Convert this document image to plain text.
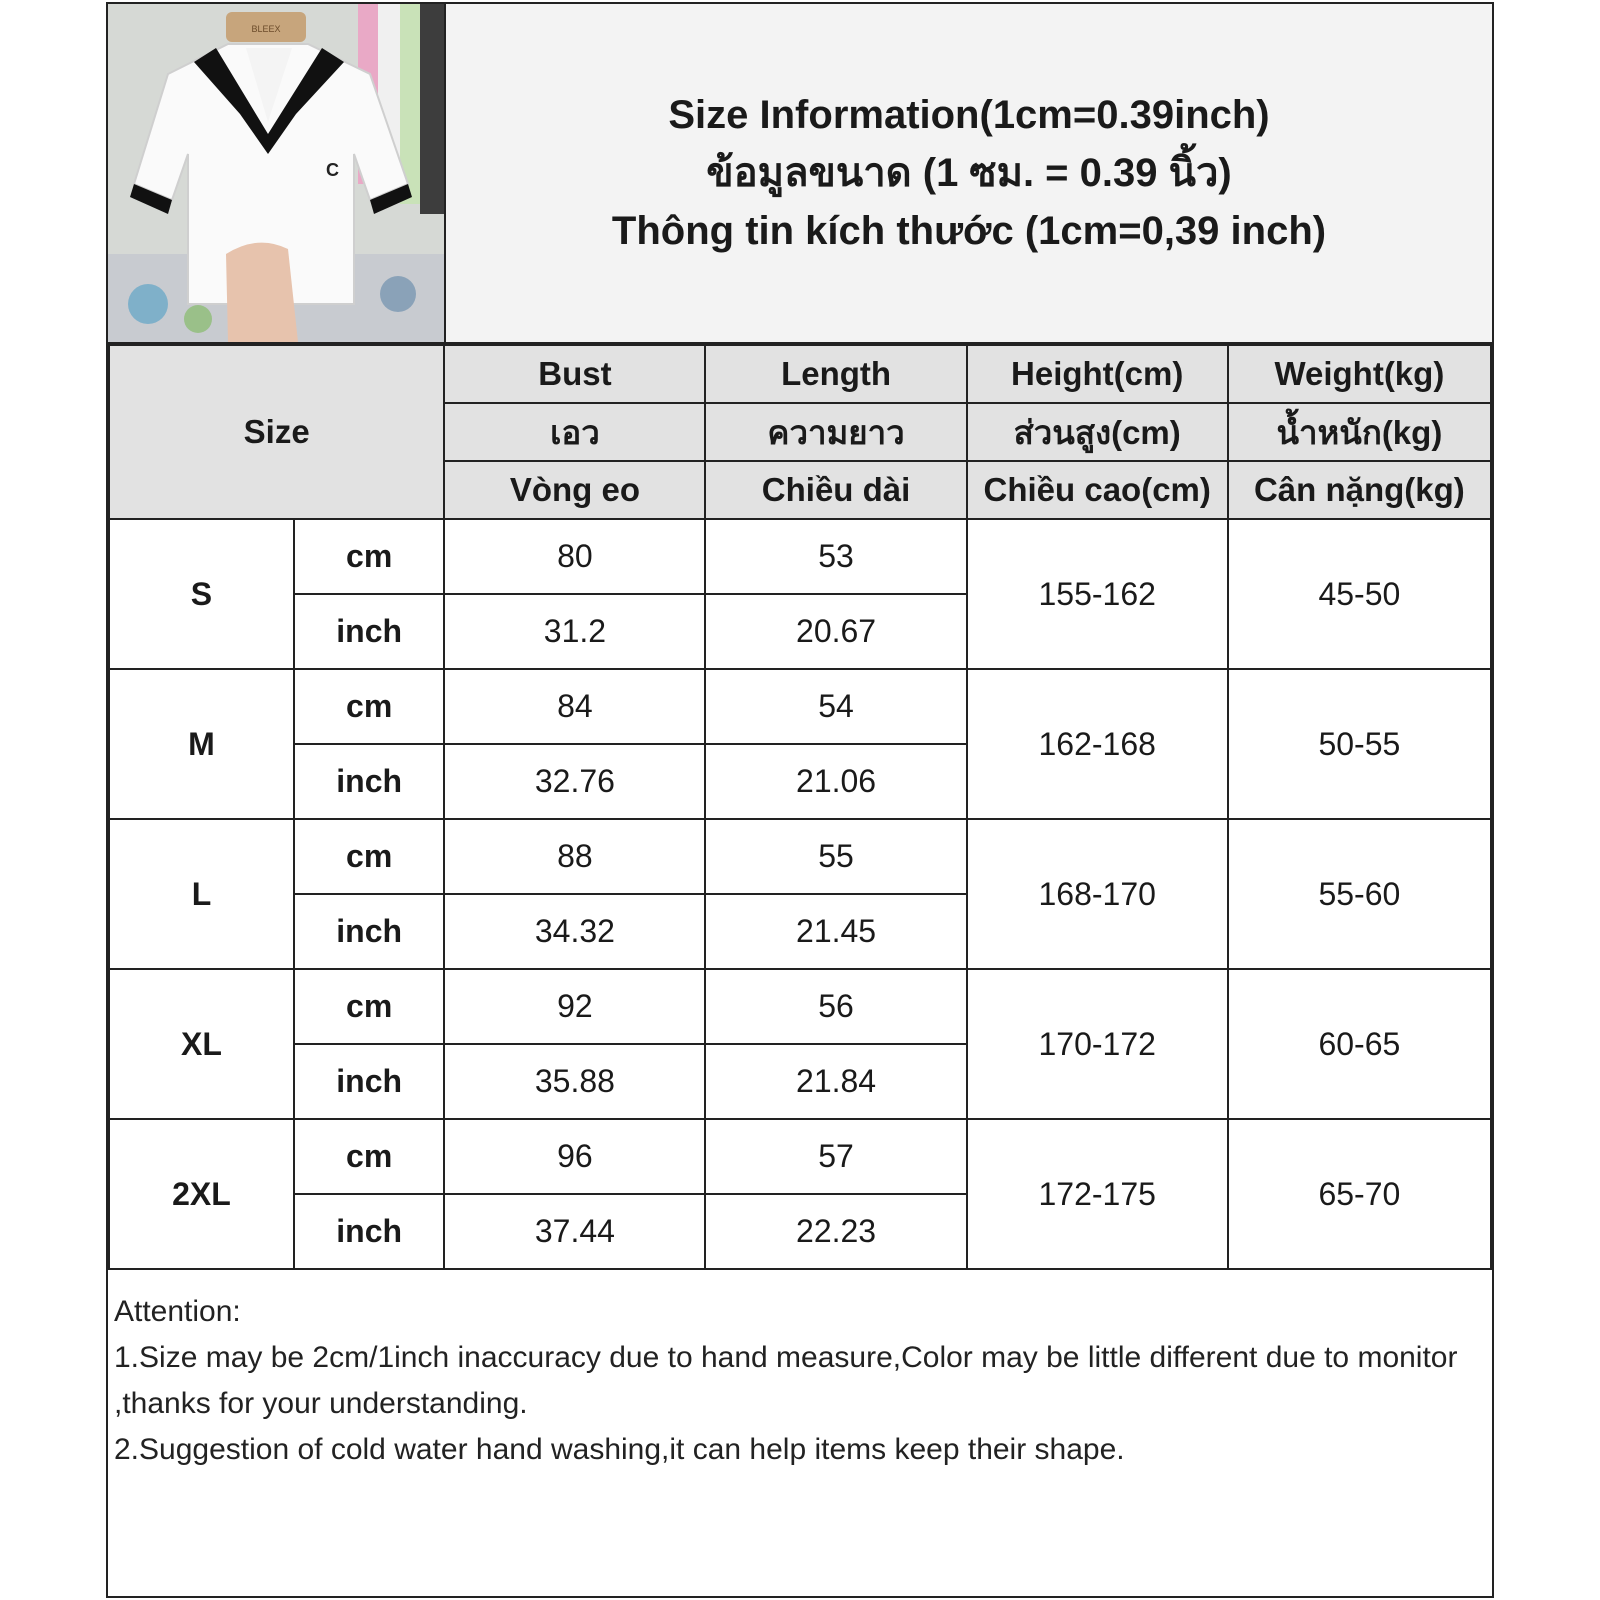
BLEEX
C
Size Information(1cm=0.39inch)
ข้อมูลขนาด (1 ซม. = 0.39 นิ้ว)
Thông tin kích thước (1cm=0,39 inch)
Size		Bust	Length	Height(cm)	Weight(kg)
		เอว	ความยาว	ส่วนสูง(cm)	น้ำหนัก(kg)
		Vòng eo	Chiều dài	Chiều cao(cm)	Cân nặng(kg)
S	cm	80	53	155-162	45-50
	inch	31.2	20.67		
M	cm	84	54	162-168	50-55
	inch	32.76	21.06		
L	cm	88	55	168-170	55-60
	inch	34.32	21.45		
XL	cm	92	56	170-172	60-65
	inch	35.88	21.84		
2XL	cm	96	57	172-175	65-70
	inch	37.44	22.23		
Attention:
1.Size may be 2cm/1inch inaccuracy due to hand measure,Color may be little different due to monitor ,thanks for your understanding.
2.Suggestion of cold water hand washing,it can help items keep their shape.
